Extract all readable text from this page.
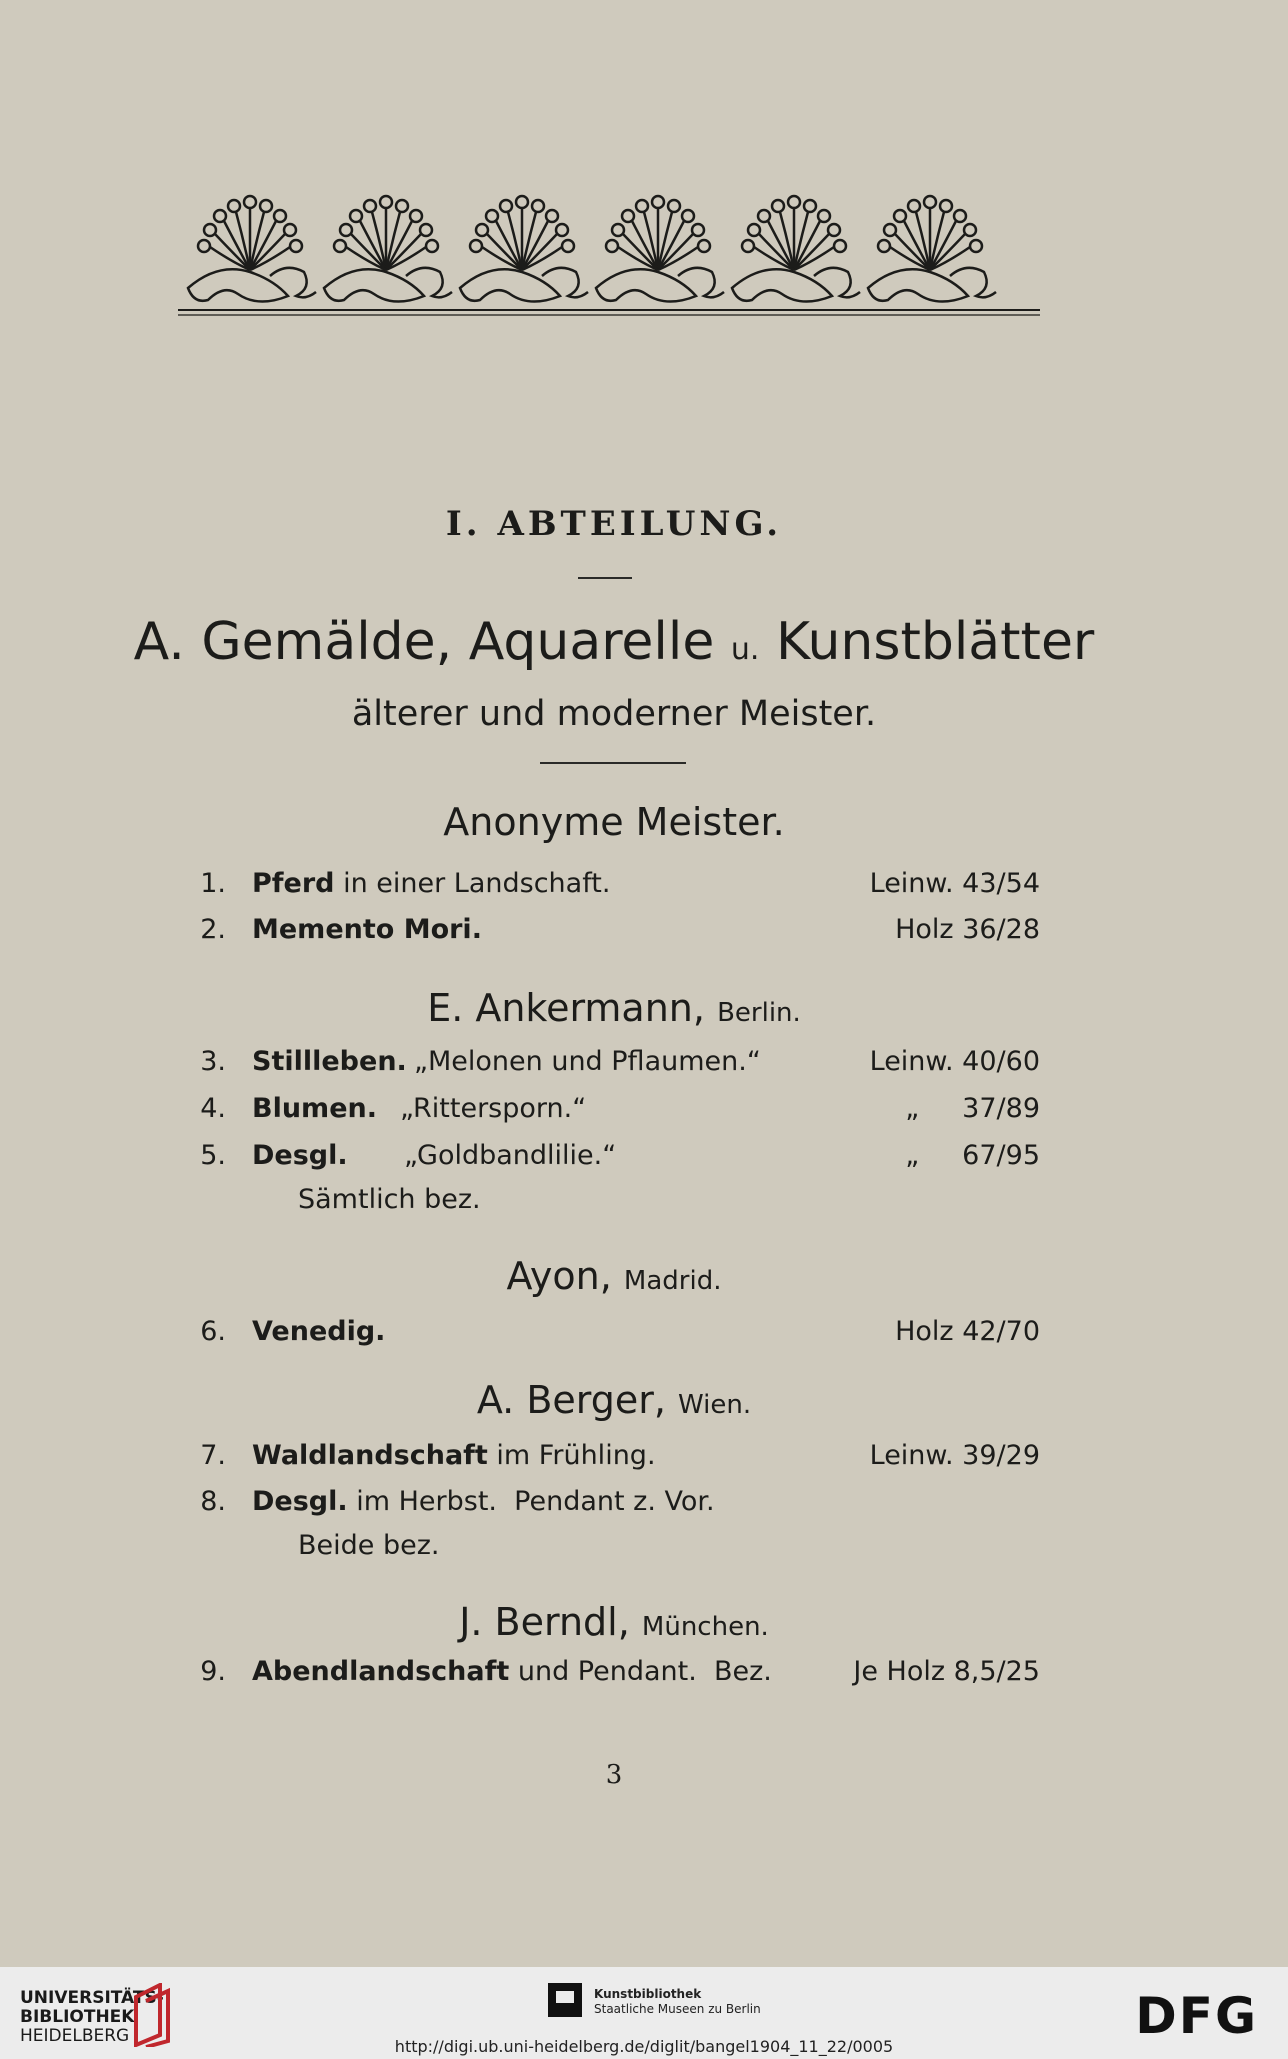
I. ABTEILUNG.
A. Gemälde, Aquarelle u. Kunstblätter
älterer und moderner Meister.
Anonyme Meister.
1. Pferd in einer Landschaft.	Leinw. 43/54
2. Memento Mori.	Holz 36/28
E. Ankermann, Berlin.
3. Stillleben. „Melonen und Pflaumen.“	Leinw. 40/60
4. Blumen. „Rittersporn.“	„     37/89
5. Desgl. „Goldbandlilie.“	„     67/95
Sämtlich bez.
Ayon, Madrid.
6. Venedig.	Holz 42/70
A. Berger, Wien.
7. Waldlandschaft im Frühling.	Leinw. 39/29
8. Desgl. im Herbst.  Pendant z. Vor.
Beide bez.
J. Berndl, München.
9. Abendlandschaft und Pendant.  Bez.	Je Holz 8,5/25
3
UNIVERSITÄTS-
BIBLIOTHEK
HEIDELBERG
Kunstbibliothek
Staatliche Museen zu Berlin	DFG
http://digi.ub.uni-heidelberg.de/diglit/bangel1904_11_22/0005
